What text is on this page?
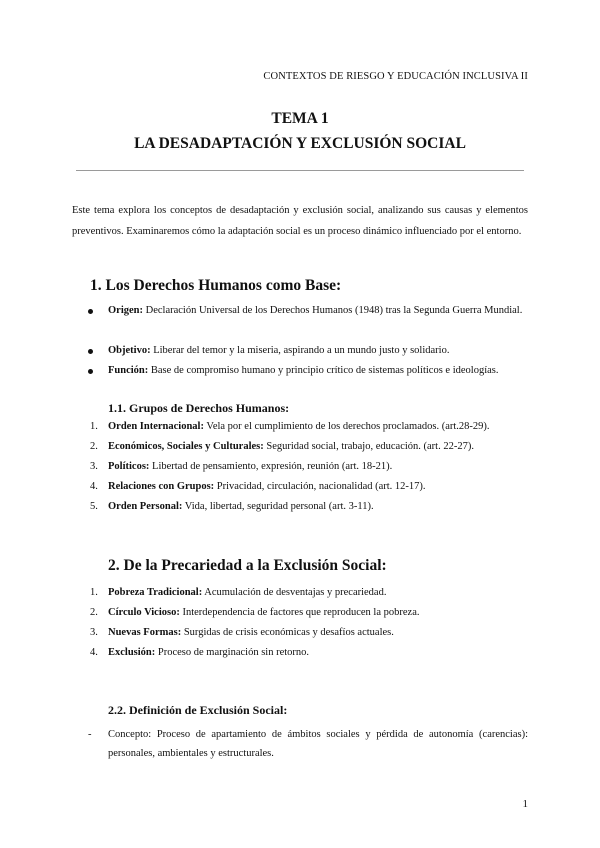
CONTEXTOS DE RIESGO Y EDUCACIÓN INCLUSIVA II
TEMA 1
LA DESADAPTACIÓN Y EXCLUSIÓN SOCIAL
Este tema explora los conceptos de desadaptación y exclusión social, analizando sus causas y elementos preventivos. Examinaremos cómo la adaptación social es un proceso dinámico influenciado por el entorno.
1. Los Derechos Humanos como Base:
Origen: Declaración Universal de los Derechos Humanos (1948) tras la Segunda Guerra Mundial.
Objetivo: Liberar del temor y la miseria, aspirando a un mundo justo y solidario.
Función: Base de compromiso humano y principio crítico de sistemas políticos e ideologías.
1.1. Grupos de Derechos Humanos:
1. Orden Internacional: Vela por el cumplimiento de los derechos proclamados. (art.28-29).
2. Económicos, Sociales y Culturales: Seguridad social, trabajo, educación. (art. 22-27).
3. Políticos: Libertad de pensamiento, expresión, reunión (art. 18-21).
4. Relaciones con Grupos: Privacidad, circulación, nacionalidad (art. 12-17).
5. Orden Personal: Vida, libertad, seguridad personal (art. 3-11).
2. De la Precariedad a la Exclusión Social:
1. Pobreza Tradicional: Acumulación de desventajas y precariedad.
2. Círculo Vicioso: Interdependencia de factores que reproducen la pobreza.
3. Nuevas Formas: Surgidas de crisis económicas y desafíos actuales.
4. Exclusión: Proceso de marginación sin retorno.
2.2. Definición de Exclusión Social:
- Concepto: Proceso de apartamiento de ámbitos sociales y pérdida de autonomía (carencias): personales, ambientales y estructurales.
1
